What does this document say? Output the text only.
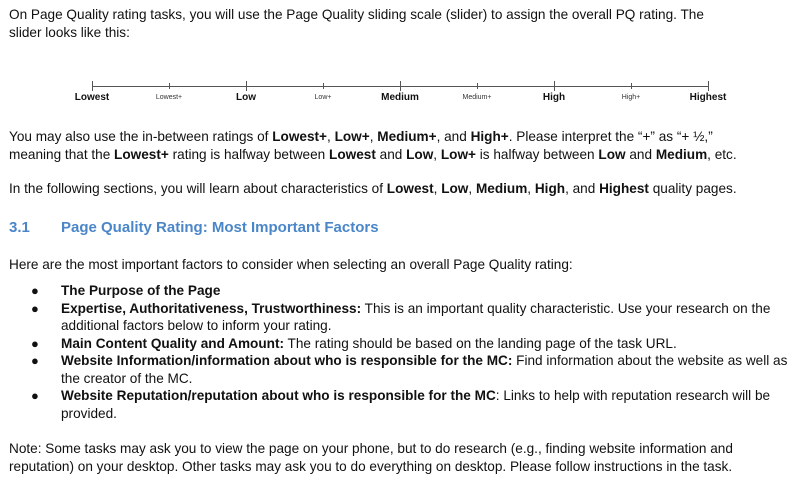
On Page Quality rating tasks, you will use the Page Quality sliding scale (slider) to assign the overall PQ rating. The
slider looks like this:

Lowest	Lowest+	Low	Low+	Medium	Medium+	High	High+	Highest

You may also use the in-between ratings of Lowest+, Low+, Medium+, and High+. Please interpret the “+” as “+ ½,”
meaning that the Lowest+ rating is halfway between Lowest and Low, Low+ is halfway between Low and Medium, etc.

In the following sections, you will learn about characteristics of Lowest, Low, Medium, High, and Highest quality pages.

3.1 Page Quality Rating: Most Important Factors

Here are the most important factors to consider when selecting an overall Page Quality rating:

● The Purpose of the Page
● Expertise, Authoritativeness, Trustworthiness: This is an important quality characteristic. Use your research on the additional factors below to inform your rating.
● Main Content Quality and Amount: The rating should be based on the landing page of the task URL.
● Website Information/information about who is responsible for the MC: Find information about the website as well as the creator of the MC.
● Website Reputation/reputation about who is responsible for the MC: Links to help with reputation research will be provided.

Note: Some tasks may ask you to view the page on your phone, but to do research (e.g., finding website information and
reputation) on your desktop. Other tasks may ask you to do everything on desktop. Please follow instructions in the task.
